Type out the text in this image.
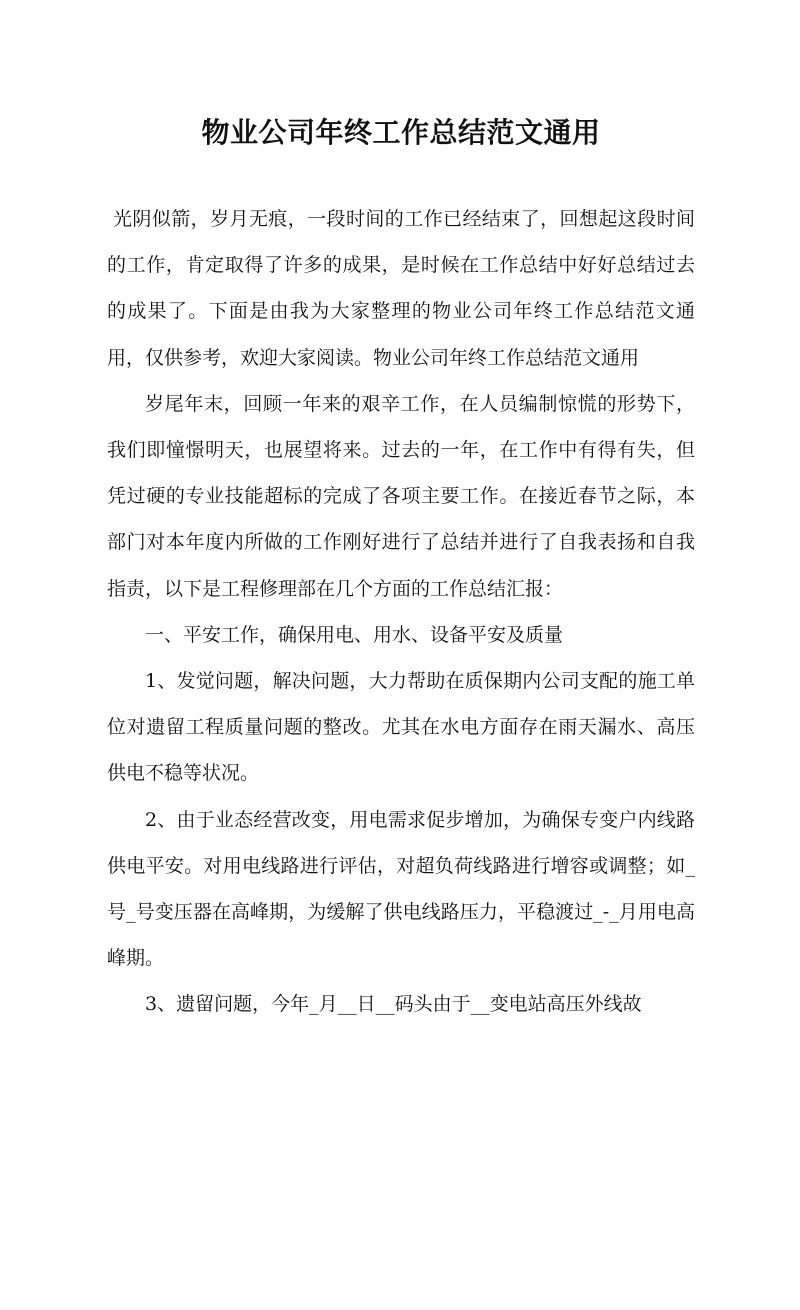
物业公司年终工作总结范文通用

光阴似箭，岁月无痕，一段时间的工作已经结束了，回想起这段时间的工作，肯定取得了许多的成果，是时候在工作总结中好好总结过去的成果了。下面是由我为大家整理的物业公司年终工作总结范文通用，仅供参考，欢迎大家阅读。物业公司年终工作总结范文通用

岁尾年末，回顾一年来的艰辛工作，在人员编制惊慌的形势下，我们即憧憬明天，也展望将来。过去的一年，在工作中有得有失，但凭过硬的专业技能超标的完成了各项主要工作。在接近春节之际，本部门对本年度内所做的工作刚好进行了总结并进行了自我表扬和自我指责，以下是工程修理部在几个方面的工作总结汇报：

一、平安工作，确保用电、用水、设备平安及质量

1、发觉问题，解决问题，大力帮助在质保期内公司支配的施工单位对遗留工程质量问题的整改。尤其在水电方面存在雨天漏水、高压供电不稳等状况。

2、由于业态经营改变，用电需求促步增加，为确保专变户内线路供电平安。对用电线路进行评估，对超负荷线路进行增容或调整；如_号_号变压器在高峰期，为缓解了供电线路压力，平稳渡过_-_月用电高峰期。

3、遗留问题，今年_月__日__码头由于__变电站高压外线故
